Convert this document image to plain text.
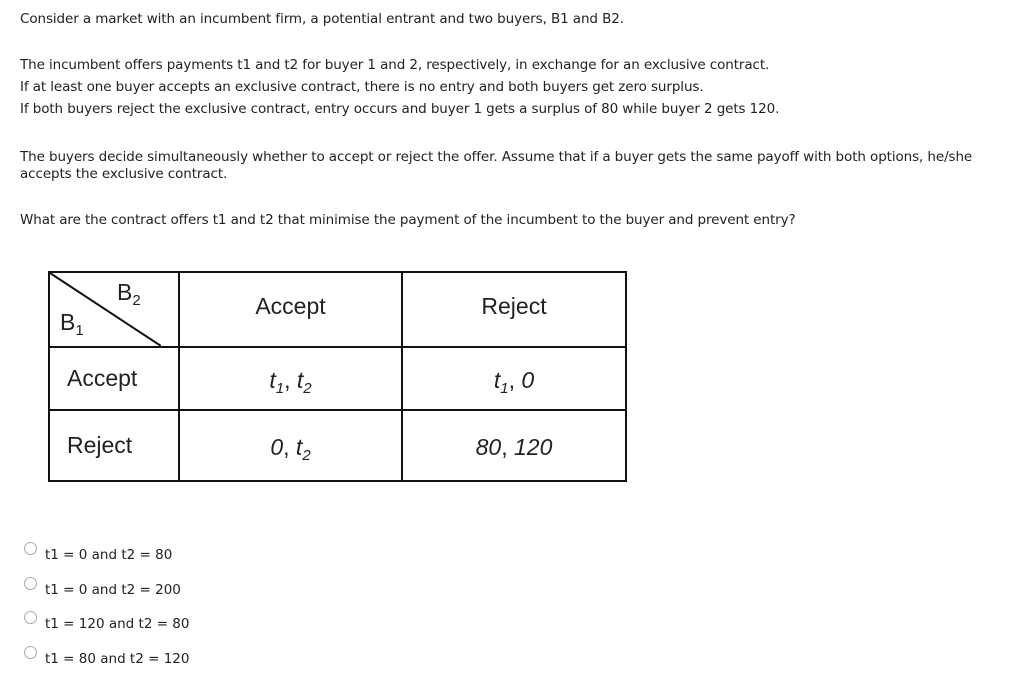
Consider a market with an incumbent firm, a potential entrant and two buyers, B1 and B2.

The incumbent offers payments t1 and t2 for buyer 1 and 2, respectively, in exchange for an exclusive contract.
If at least one buyer accepts an exclusive contract, there is no entry and both buyers get zero surplus.
If both buyers reject the exclusive contract, entry occurs and buyer 1 gets a surplus of 80 while buyer 2 gets 120.

The buyers decide simultaneously whether to accept or reject the offer. Assume that if a buyer gets the same payoff with both options, he/she
accepts the exclusive contract.

What are the contract offers t1 and t2 that minimise the payment of the incumbent to the buyer and prevent entry?

$B_2$
$B_1$	Accept	Reject
Accept	$t_1$, $t_2$	$t_1$, 0
Reject	0, $t_2$	80, 120
t1 = 0 and t2 = 80
t1 = 0 and t2 = 200
t1 = 120 and t2 = 80
t1 = 80 and t2 = 120
